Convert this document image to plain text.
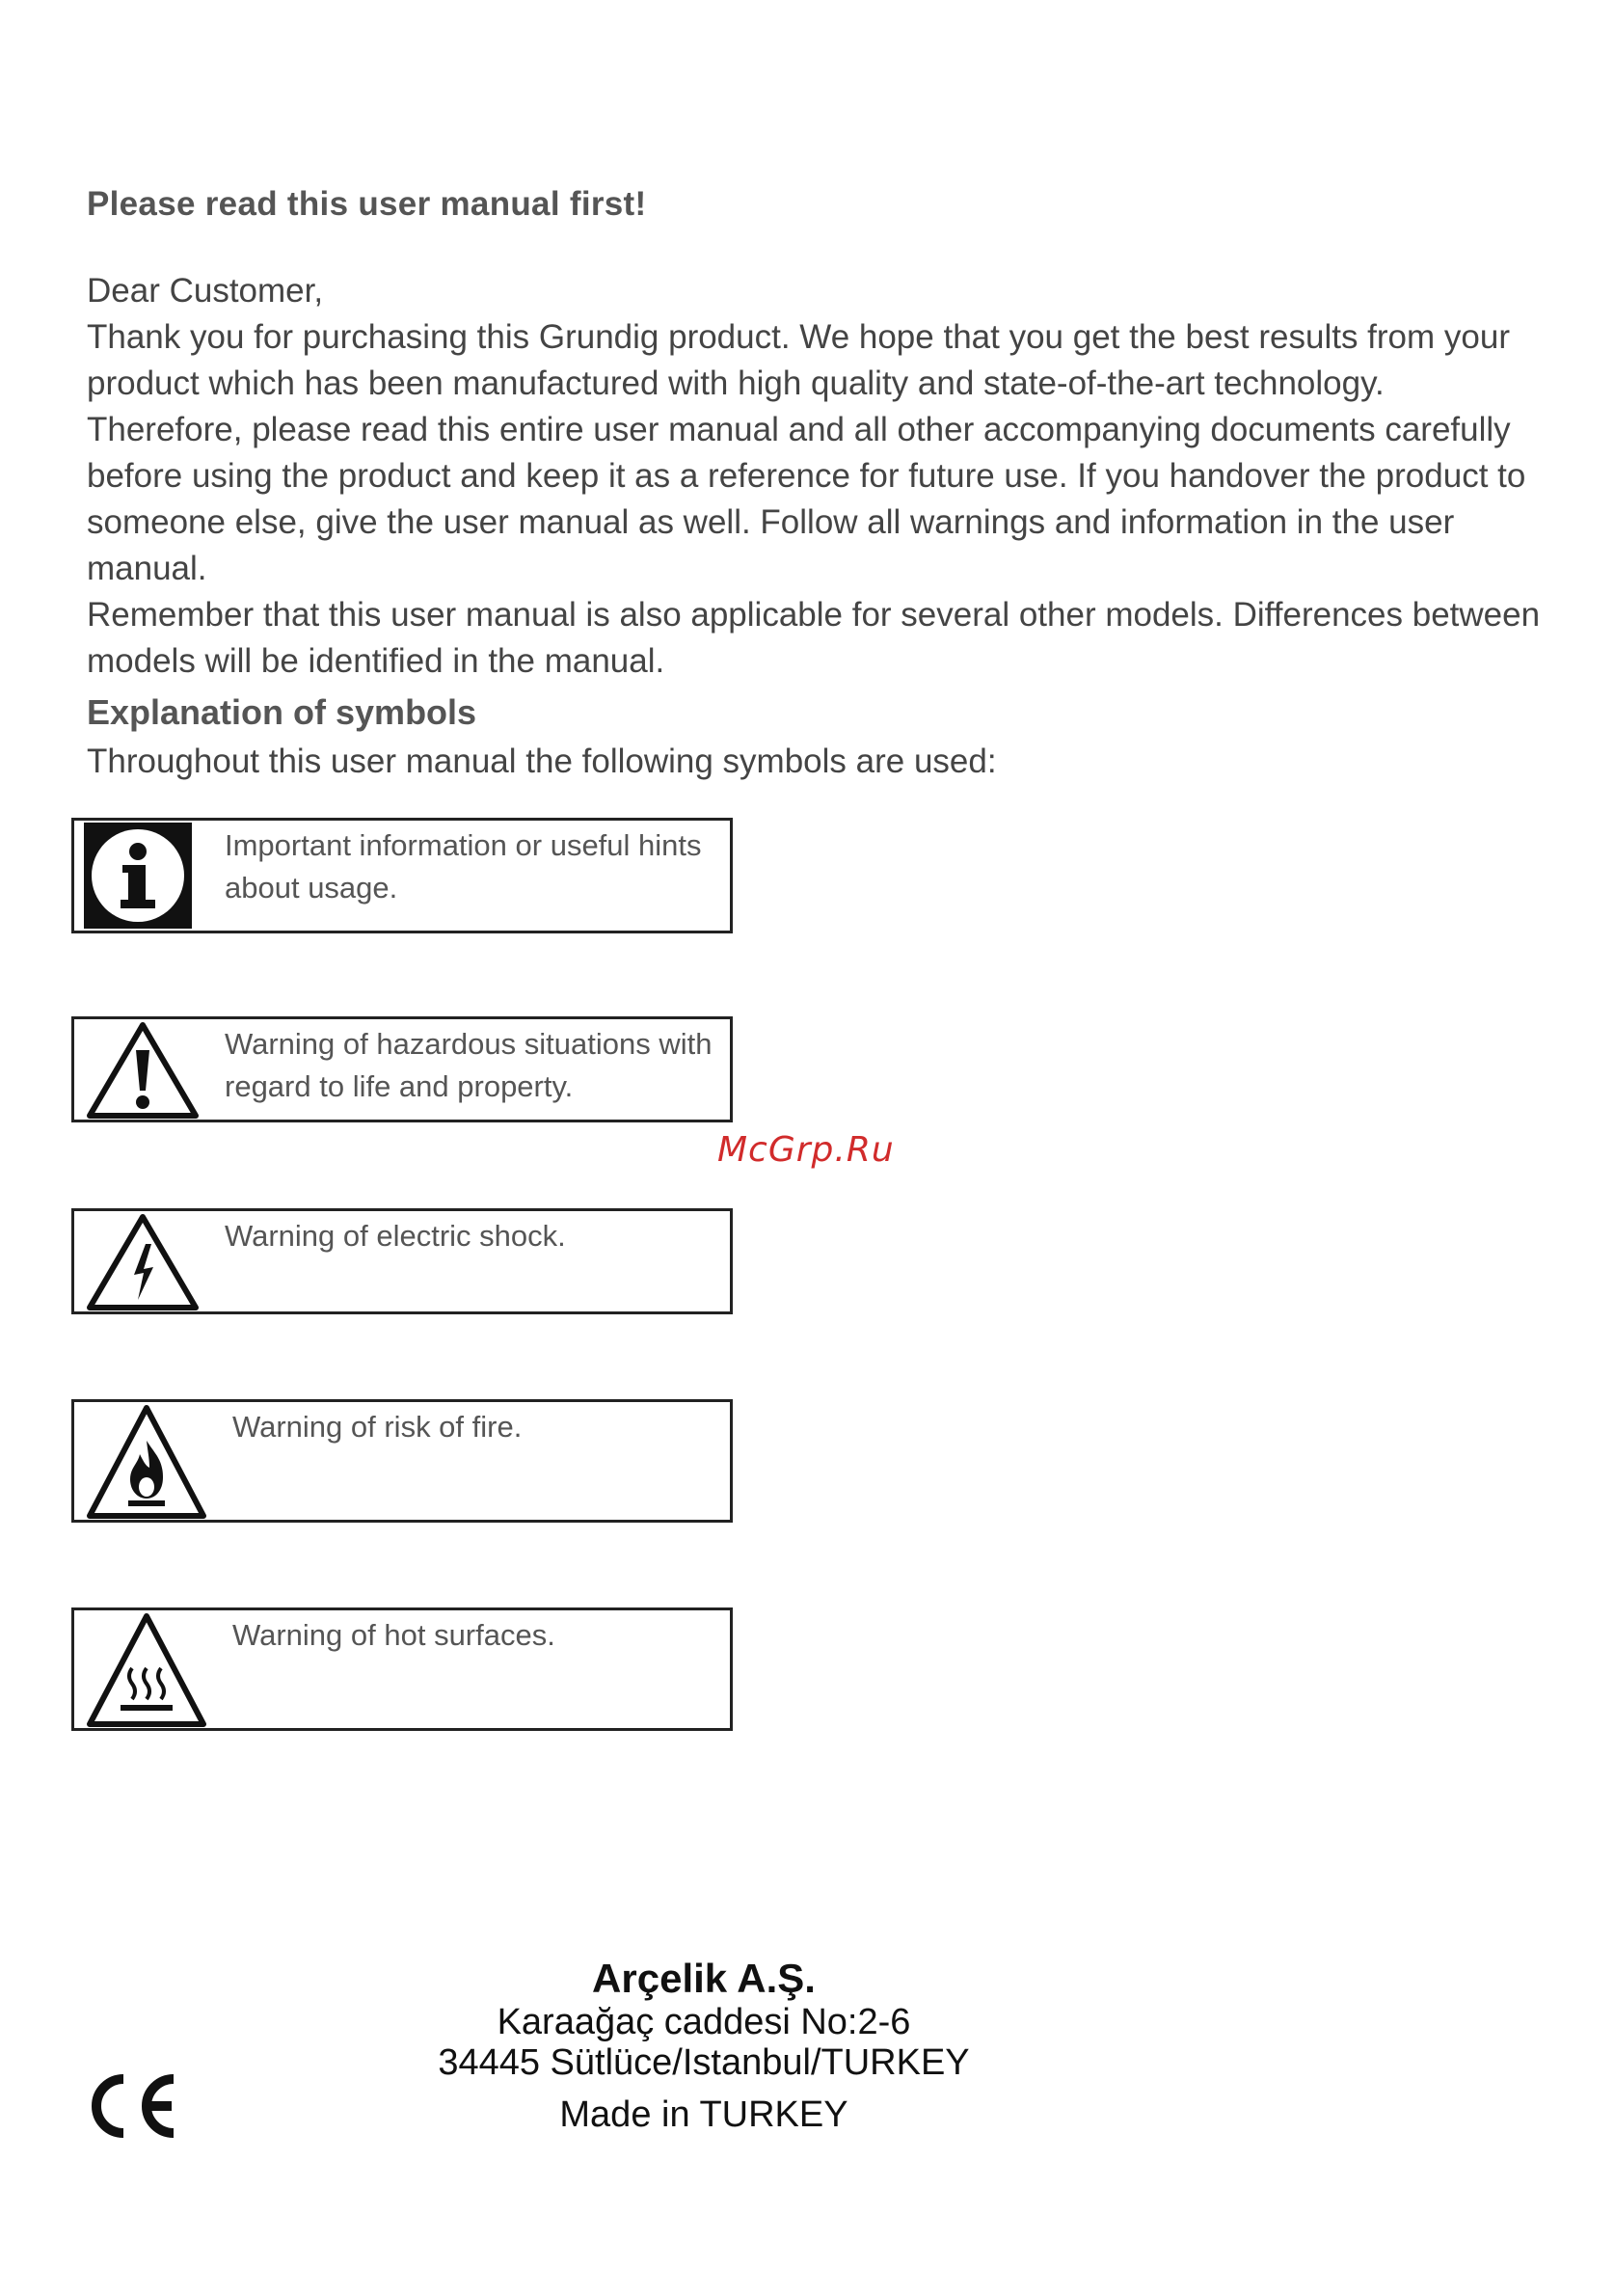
Please read this user manual first!
Dear Customer,
Thank you for purchasing this Grundig product. We hope that you get the best results from your product which has been manufactured with high quality and state-of-the-art technology.
Therefore, please read this entire user manual and all other accompanying documents carefully before using the product and keep it as a reference for future use. If you handover the product to someone else, give the user manual as well. Follow all warnings and information in the user manual.
Remember that this user manual is also applicable for several other models. Differences between models will be identified in the manual.
Explanation of symbols
Throughout this user manual the following symbols are used:
Important information or useful hints about usage.
Warning of hazardous situations with regard to life and property.
Warning of electric shock.
Warning of risk of fire.
Warning of hot surfaces.
McGrp.Ru
Arçelik A.Ş.
Karaağaç caddesi No:2-6
34445 Sütlüce/Istanbul/TURKEY
Made in TURKEY
